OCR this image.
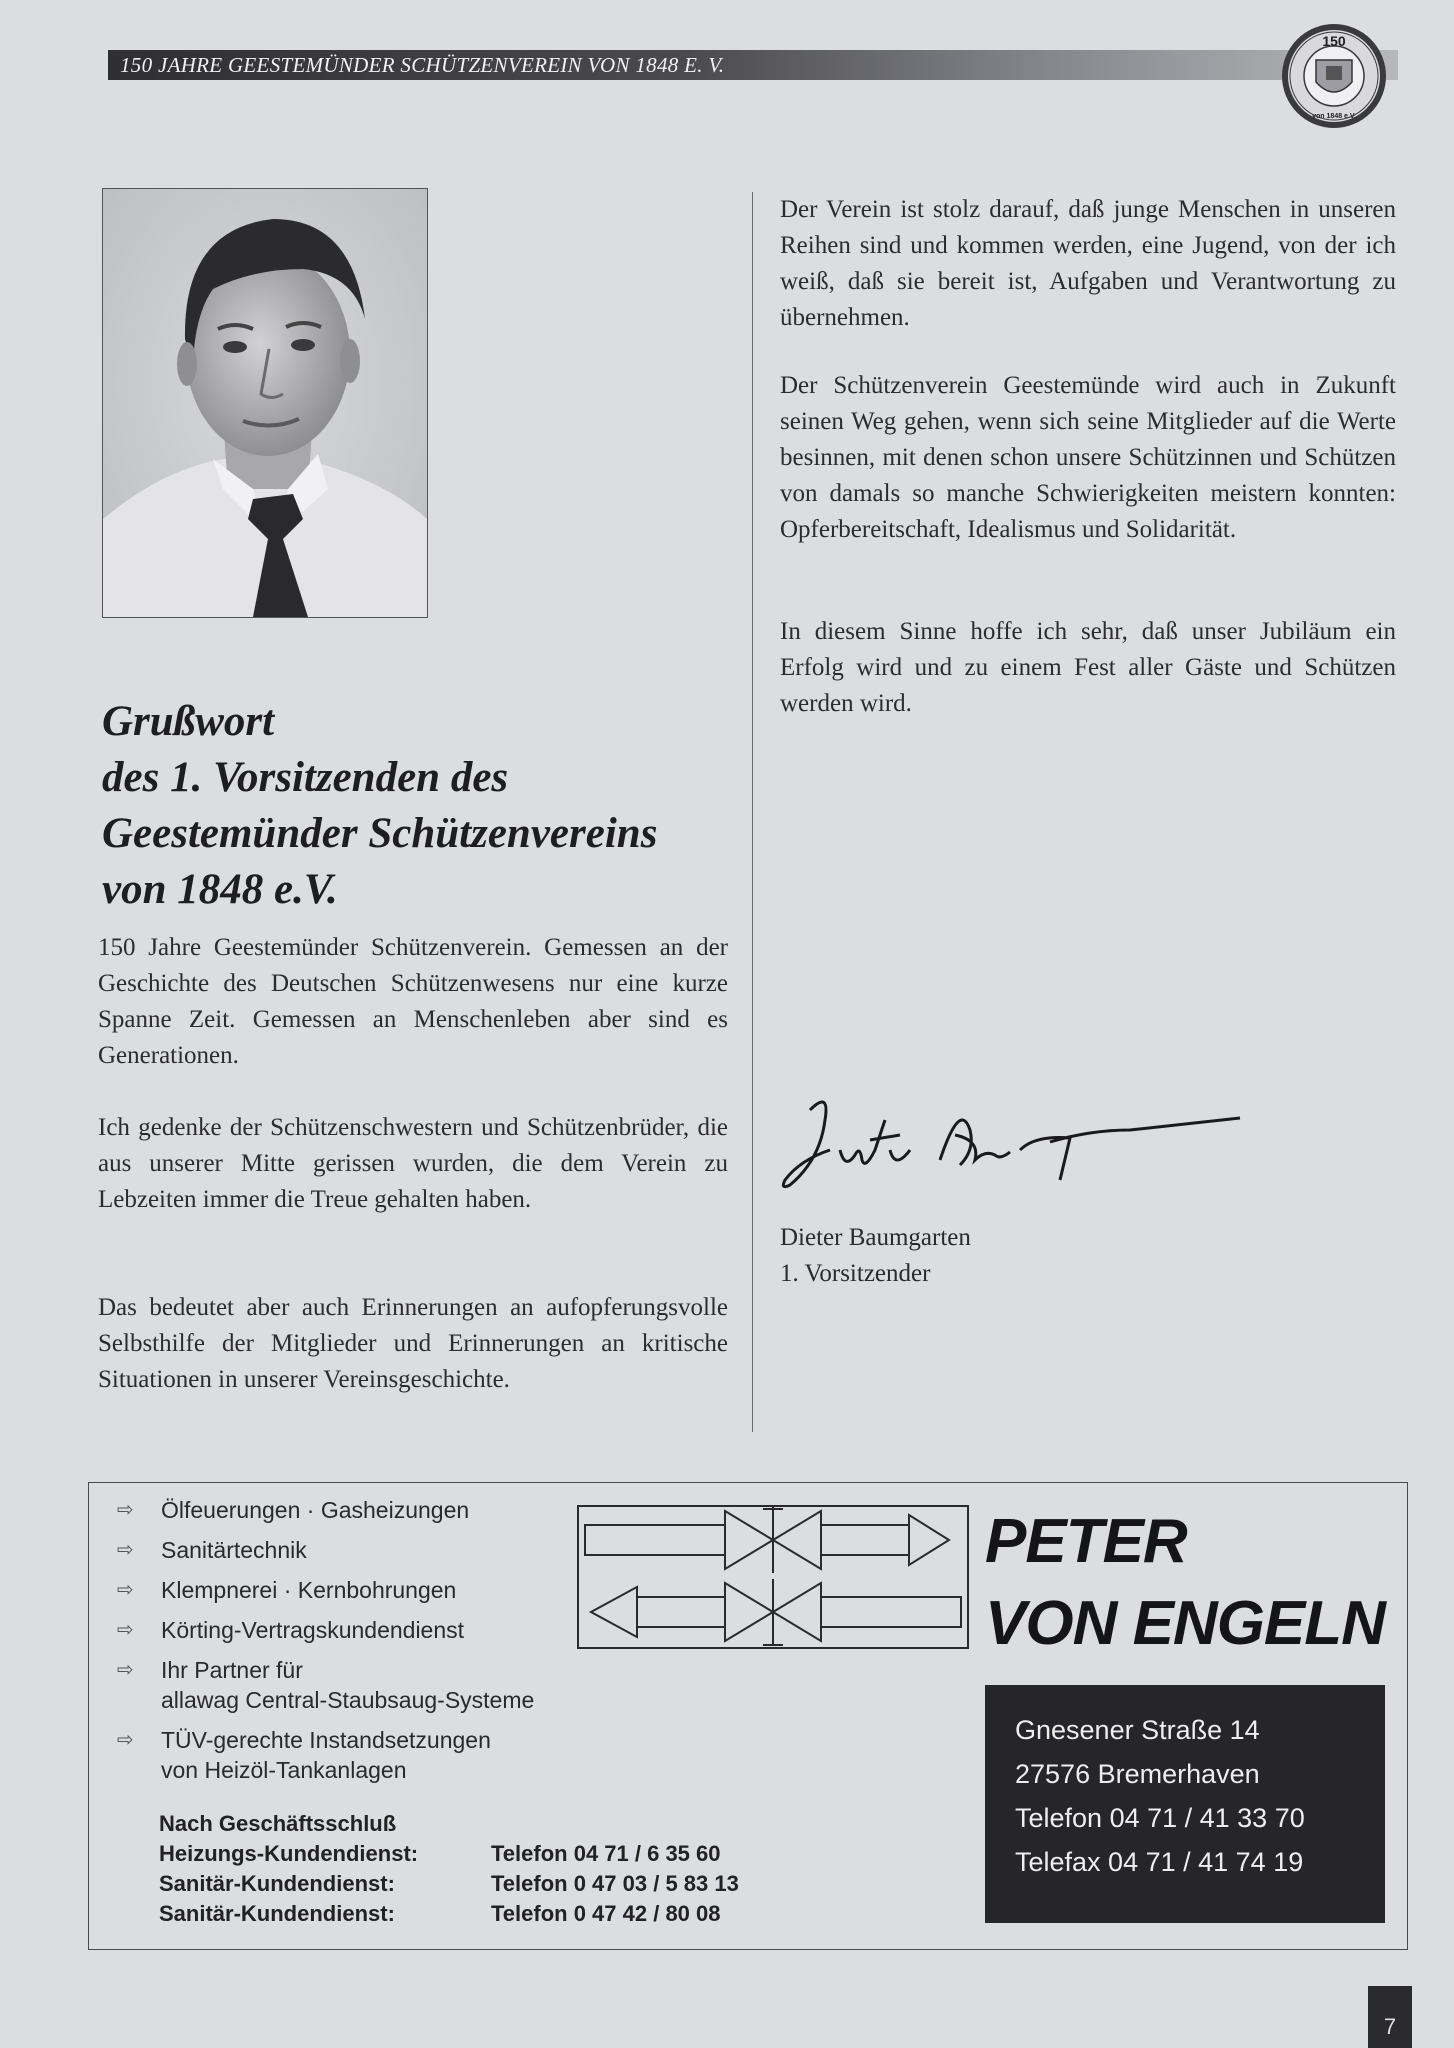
150 JAHRE GEESTEMÜNDER SCHÜTZENVEREIN VON 1848 E. V.
150
von 1848 e.V.
Grußwort
des 1. Vorsitzenden des
Geestemünder Schützenvereins
von 1848 e.V.
150 Jahre Geestemünder Schützenverein. Gemessen an der Geschichte des Deutschen Schützenwesens nur eine kurze Spanne Zeit. Gemessen an Menschenleben aber sind es Generationen.
Ich gedenke der Schützenschwestern und Schützenbrüder, die aus unserer Mitte gerissen wurden, die dem Verein zu Lebzeiten immer die Treue gehalten haben.
Das bedeutet aber auch Erinnerungen an aufopferungsvolle Selbsthilfe der Mitglieder und Erinnerungen an kritische Situationen in unserer Vereinsgeschichte.
Der Verein ist stolz darauf, daß junge Menschen in unseren Reihen sind und kommen werden, eine Jugend, von der ich weiß, daß sie bereit ist, Aufgaben und Verantwortung zu übernehmen.
Der Schützenverein Geestemünde wird auch in Zukunft seinen Weg gehen, wenn sich seine Mitglieder auf die Werte besinnen, mit denen schon unsere Schützinnen und Schützen von damals so manche Schwierigkeiten meistern konnten: Opferbereitschaft, Idealismus und Solidarität.
In diesem Sinne hoffe ich sehr, daß unser Jubiläum ein Erfolg wird und zu einem Fest aller Gäste und Schützen werden wird.
Dieter Baumgarten
1. Vorsitzender
⇨ Ölfeuerungen · Gasheizungen
⇨ Sanitärtechnik
⇨ Klempnerei · Kernbohrungen
⇨ Körting-Vertragskundendienst
⇨ Ihr Partner für
allawag Central-Staubsaug-Systeme
⇨ TÜV-gerechte Instandsetzungen
von Heizöl-Tankanlagen
Nach Geschäftsschluß
Heizungs-Kundendienst:	Telefon 04 71 / 6 35 60
Sanitär-Kundendienst:	Telefon 0 47 03 / 5 83 13
Sanitär-Kundendienst:	Telefon 0 47 42 / 80 08
PETER
VON ENGELN
Gnesener Straße 14
27576 Bremerhaven
Telefon 04 71 / 41 33 70
Telefax 04 71 / 41 74 19
7
